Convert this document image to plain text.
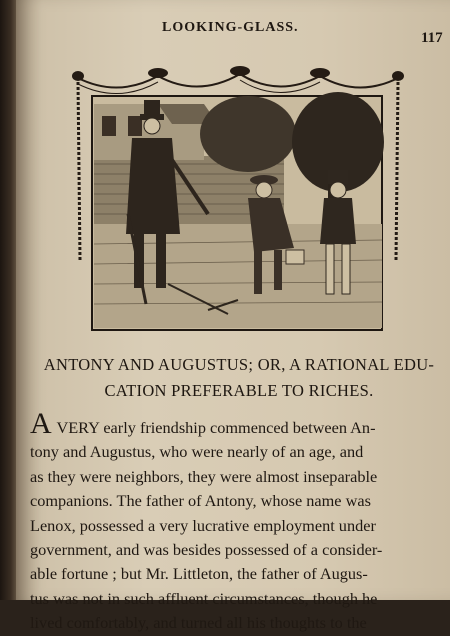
LOOKING-GLASS.
117
ANTONY AND AUGUSTUS; OR, A RATIONAL EDU-
CATION PREFERABLE TO RICHES.
A VERY early friendship commenced between An-
tony and Augustus, who were nearly of an age, and
as they were neighbors, they were almost inseparable
companions. The father of Antony, whose name was
Lenox, possessed a very lucrative employment under
government, and was besides possessed of a consider-
able fortune ; but Mr. Littleton, the father of Augus-
tus was not in such affluent circumstances, though he
lived comfortably, and turned all his thoughts to the
